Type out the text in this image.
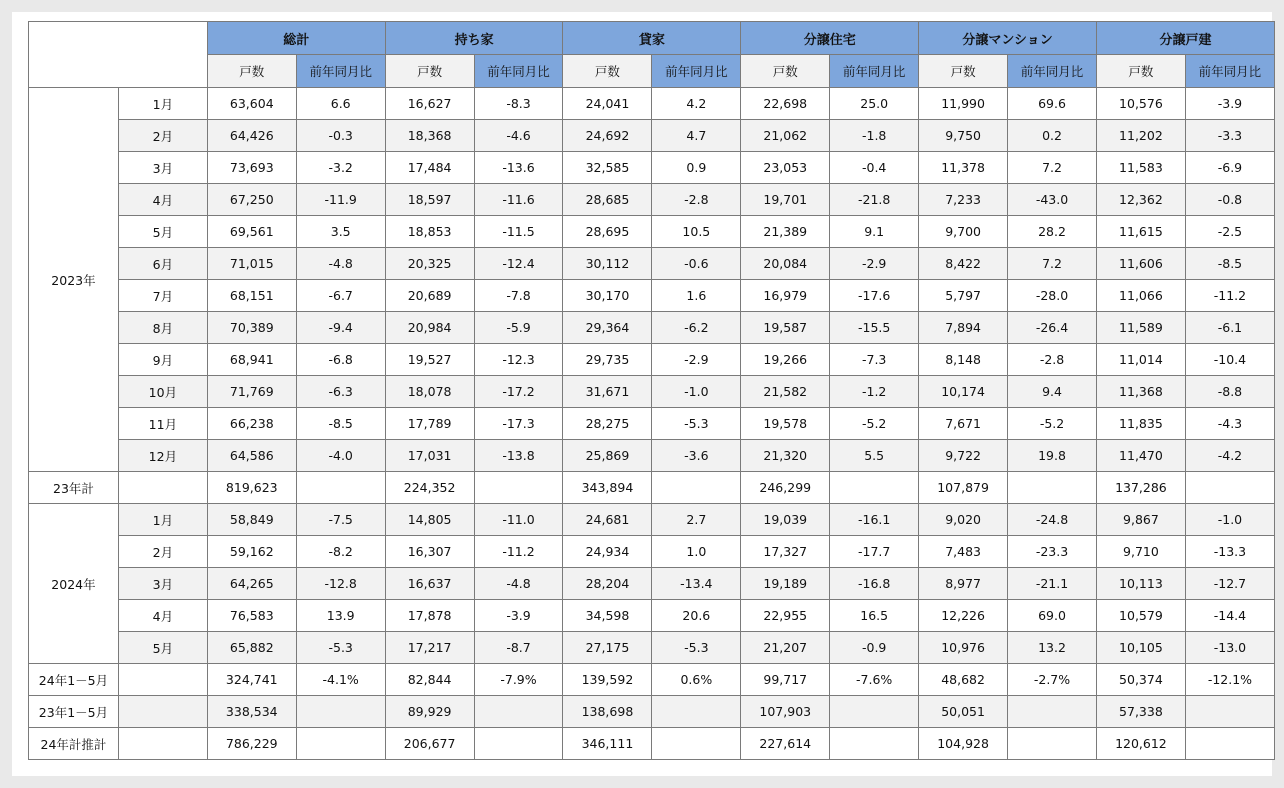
		総計		持ち家		貸家		分譲住宅		分譲マンション		分譲戸建	
		戸数	前年同月比	戸数	前年同月比	戸数	前年同月比	戸数	前年同月比	戸数	前年同月比	戸数	前年同月比
2023年	1月	63,604	6.6	16,627	-8.3	24,041	4.2	22,698	25.0	11,990	69.6	10,576	-3.9
	2月	64,426	-0.3	18,368	-4.6	24,692	4.7	21,062	-1.8	9,750	0.2	11,202	-3.3
	3月	73,693	-3.2	17,484	-13.6	32,585	0.9	23,053	-0.4	11,378	7.2	11,583	-6.9
	4月	67,250	-11.9	18,597	-11.6	28,685	-2.8	19,701	-21.8	7,233	-43.0	12,362	-0.8
	5月	69,561	3.5	18,853	-11.5	28,695	10.5	21,389	9.1	9,700	28.2	11,615	-2.5
	6月	71,015	-4.8	20,325	-12.4	30,112	-0.6	20,084	-2.9	8,422	7.2	11,606	-8.5
	7月	68,151	-6.7	20,689	-7.8	30,170	1.6	16,979	-17.6	5,797	-28.0	11,066	-11.2
	8月	70,389	-9.4	20,984	-5.9	29,364	-6.2	19,587	-15.5	7,894	-26.4	11,589	-6.1
	9月	68,941	-6.8	19,527	-12.3	29,735	-2.9	19,266	-7.3	8,148	-2.8	11,014	-10.4
	10月	71,769	-6.3	18,078	-17.2	31,671	-1.0	21,582	-1.2	10,174	9.4	11,368	-8.8
	11月	66,238	-8.5	17,789	-17.3	28,275	-5.3	19,578	-5.2	7,671	-5.2	11,835	-4.3
	12月	64,586	-4.0	17,031	-13.8	25,869	-3.6	21,320	5.5	9,722	19.8	11,470	-4.2
23年計		819,623		224,352		343,894		246,299		107,879		137,286	
2024年	1月	58,849	-7.5	14,805	-11.0	24,681	2.7	19,039	-16.1	9,020	-24.8	9,867	-1.0
	2月	59,162	-8.2	16,307	-11.2	24,934	1.0	17,327	-17.7	7,483	-23.3	9,710	-13.3
	3月	64,265	-12.8	16,637	-4.8	28,204	-13.4	19,189	-16.8	8,977	-21.1	10,113	-12.7
	4月	76,583	13.9	17,878	-3.9	34,598	20.6	22,955	16.5	12,226	69.0	10,579	-14.4
	5月	65,882	-5.3	17,217	-8.7	27,175	-5.3	21,207	-0.9	10,976	13.2	10,105	-13.0
24年1－5月		324,741	-4.1%	82,844	-7.9%	139,592	0.6%	99,717	-7.6%	48,682	-2.7%	50,374	-12.1%
23年1－5月		338,534		89,929		138,698		107,903		50,051		57,338	
24年計推計		786,229		206,677		346,111		227,614		104,928		120,612	
